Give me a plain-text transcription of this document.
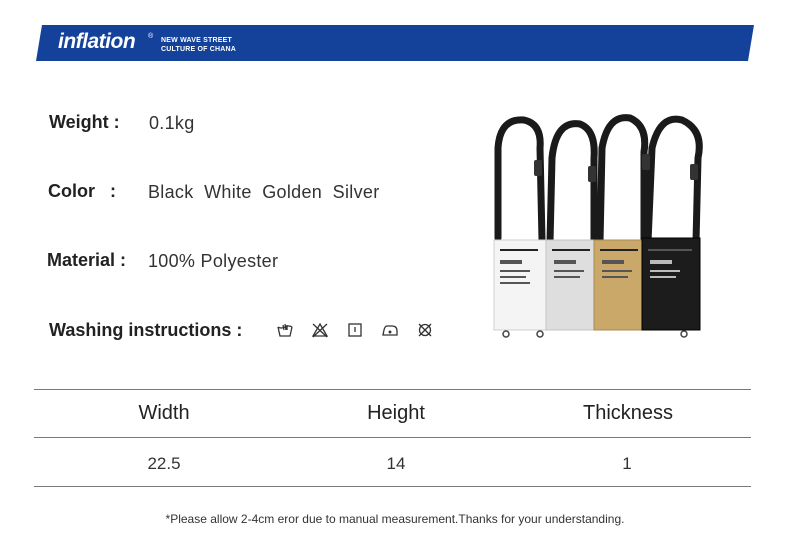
inflation ®
NEW WAVE STREET
CULTURE OF CHANA
Weight : 0.1kg
Color   : Black  White  Golden  Silver
Material : 100% Polyester
Washing instructions :
Width	Height	Thickness
22.5	14	1
*Please allow 2-4cm eror due to manual measurement.Thanks for your understanding.
